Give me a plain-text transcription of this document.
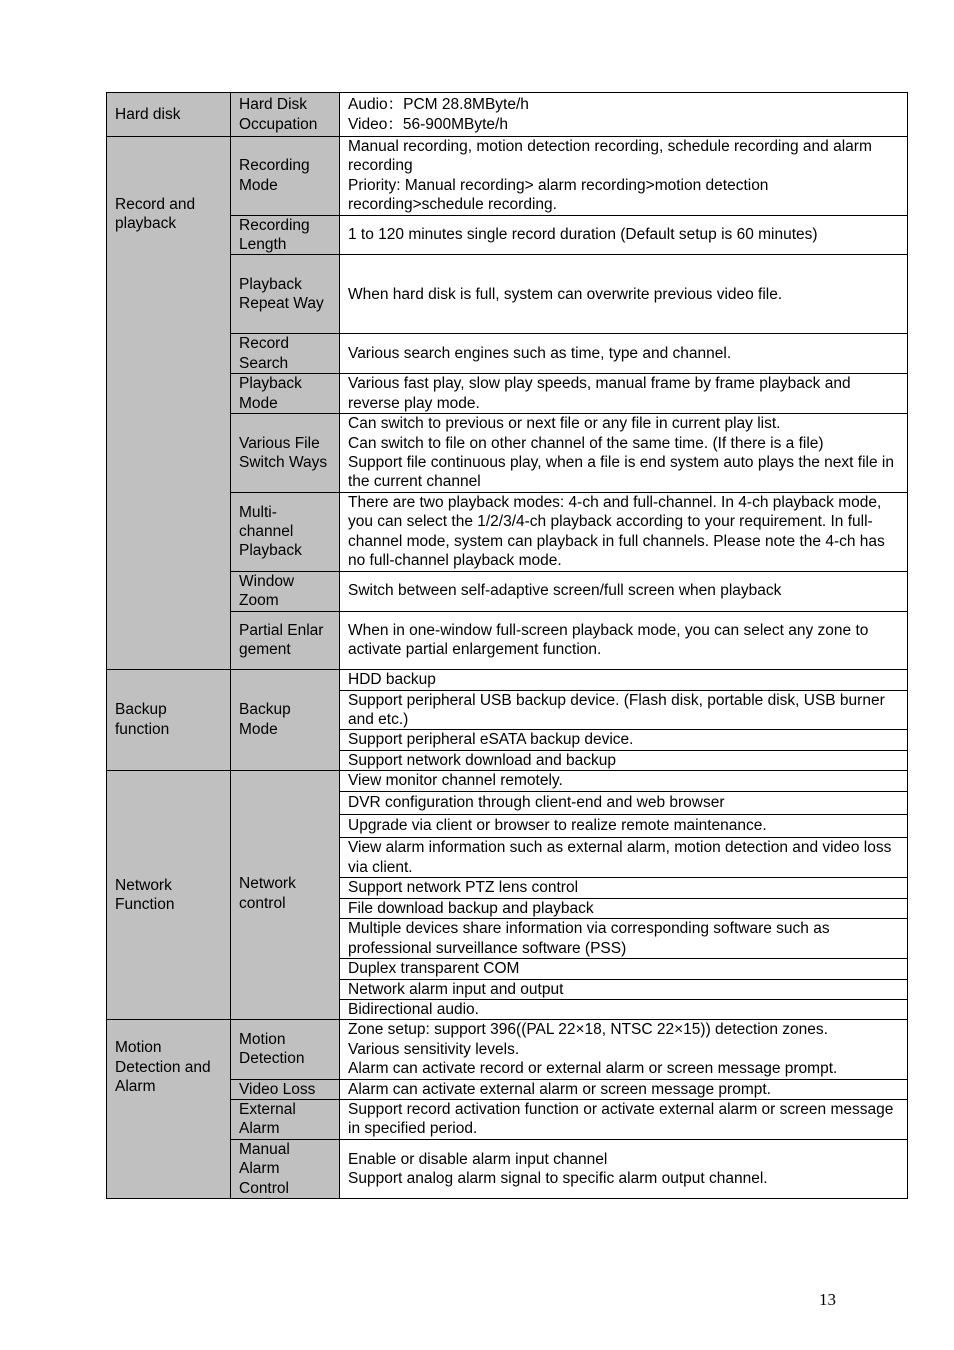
Hard disk	Hard Disk Occupation	Audio：PCM 28.8MByte/h
Video：56-900MByte/h

Record and playback	Recording Mode	Manual recording, motion detection recording, schedule recording and alarm recording
Priority: Manual recording> alarm recording>motion detection recording>schedule recording.

	Recording Length	1 to 120 minutes single record duration (Default setup is 60 minutes)
	Playback Repeat Way	When hard disk is full, system can overwrite previous video file.
	Record Search	Various search engines such as time, type and channel.
	Playback Mode	Various fast play, slow play speeds, manual frame by frame playback and reverse play mode.
	Various File Switch Ways	Can switch to previous or next file or any file in current play list.
Can switch to file on other channel of the same time. (If there is a file)
Support file continuous play, when a file is end system auto plays the next file in the current channel

	Multi-channel Playback	There are two playback modes: 4-ch and full-channel. In 4-ch playback mode, you can select the 1/2/3/4-ch playback according to your requirement. In full-channel mode, system can playback in full channels. Please note the 4-ch has no full-channel playback mode.
	Window Zoom	Switch between self-adaptive screen/full screen when playback
	Partial Enlargement	When in one-window full-screen playback mode, you can select any zone to activate partial enlargement function.

Backup function	Backup Mode	HDD backup
		Support peripheral USB backup device. (Flash disk, portable disk, USB burner and etc.)
		Support peripheral eSATA backup device.
		Support network download and backup
Network Function	Network control	View monitor channel remotely.
		DVR configuration through client-end and web browser
		Upgrade via client or browser to realize remote maintenance.
		View alarm information such as external alarm, motion detection and video loss via client.
		Support network PTZ lens control
		File download backup and playback
		Multiple devices share information via corresponding software such as professional surveillance software (PSS)
		Duplex transparent COM
		Network alarm input and output
		Bidirectional audio.
Motion Detection and Alarm	Motion Detection	Zone setup: support 396((PAL 22×18, NTSC 22×15)) detection zones.
Various sensitivity levels.
Alarm can activate record or external alarm or screen message prompt.

	Video Loss	Alarm can activate external alarm or screen message prompt.
	External Alarm	Support record activation function or activate external alarm or screen message in specified period.
	Manual Alarm Control	Enable or disable alarm input channel
Support analog alarm signal to specific alarm output channel.
13
